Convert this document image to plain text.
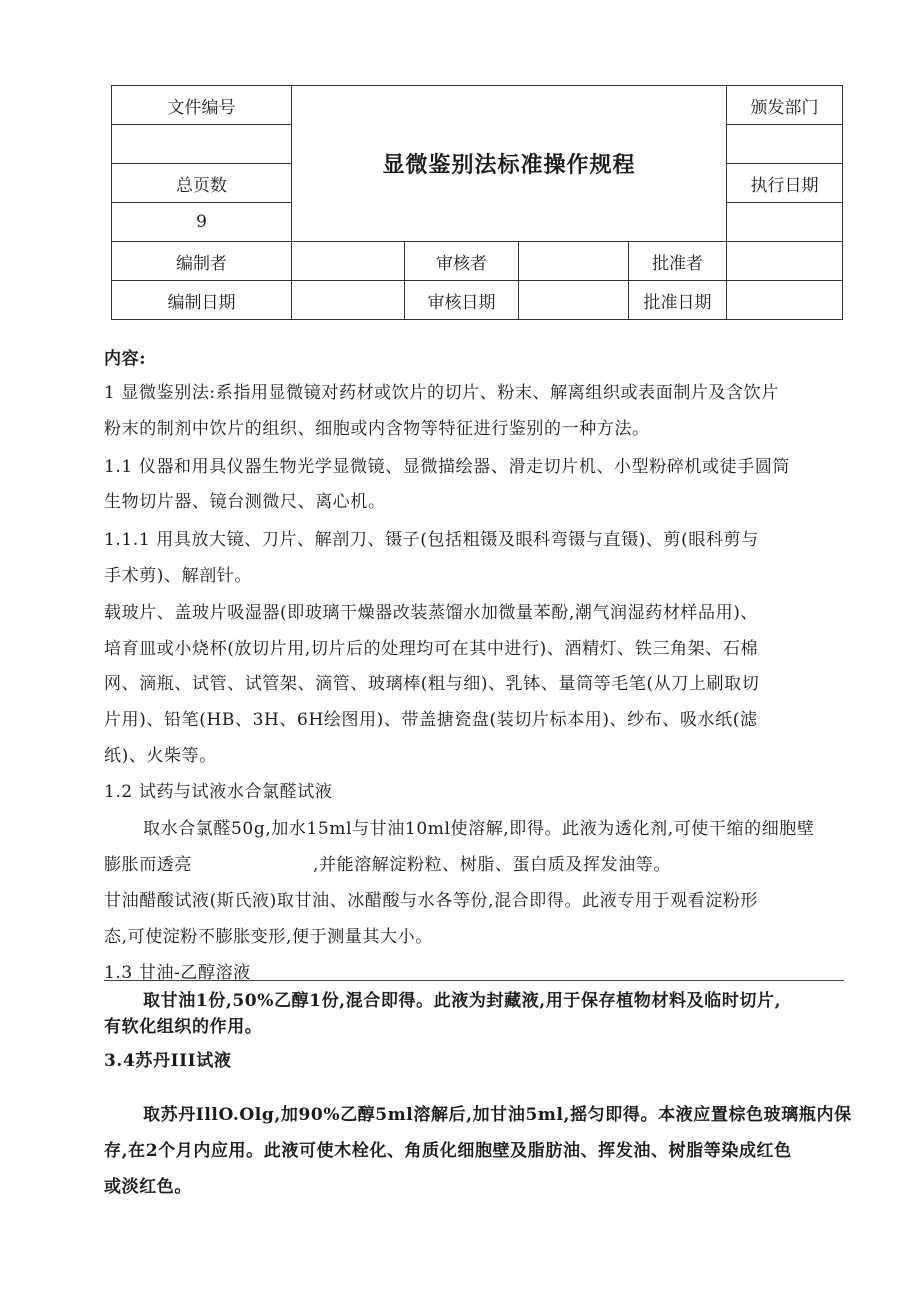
文件编号	显微鉴别法标准操作规程				颁发部门

总页数					执行日期
9					
编制者		审核者		批准者	
编制日期		审核日期		批准日期	
内容:
1 显微鉴别法:系指用显微镜对药材或饮片的切片、粉末、解离组织或表面制片及含饮片
粉末的制剂中饮片的组织、细胞或内含物等特征进行鉴别的一种方法。
1.1 仪器和用具仪器生物光学显微镜、显微描绘器、滑走切片机、小型粉碎机或徒手圆筒
生物切片器、镜台测微尺、离心机。
1.1.1 用具放大镜、刀片、解剖刀、镊子(包括粗镊及眼科弯镊与直镊)、剪(眼科剪与
手术剪)、解剖针。
载玻片、盖玻片吸湿器(即玻璃干燥器改装蒸馏水加微量苯酚,潮气润湿药材样品用)、
培育皿或小烧杯(放切片用,切片后的处理均可在其中进行)、酒精灯、铁三角架、石棉
网、滴瓶、试管、试管架、滴管、玻璃棒(粗与细)、乳钵、量筒等毛笔(从刀上刷取切
片用)、铅笔(HB、3H、6H绘图用)、带盖搪瓷盘(装切片标本用)、纱布、吸水纸(滤
纸)、火柴等。
1.2 试药与试液水合氯醛试液
取水合氯醛50g,加水15ml与甘油10ml使溶解,即得。此液为透化剂,可使干缩的细胞壁
膨胀而透亮	,并能溶解淀粉粒、树脂、蛋白质及挥发油等。
甘油醋酸试液(斯氏液)取甘油、冰醋酸与水各等份,混合即得。此液专用于观看淀粉形
态,可使淀粉不膨胀变形,便于测量其大小。
1.3 甘油-乙醇溶液
取甘油1份,50%乙醇1份,混合即得。此液为封藏液,用于保存植物材料及临时切片,
有软化组织的作用。
3.4苏丹III试液
取苏丹IllO.Olg,加90%乙醇5ml溶解后,加甘油5ml,摇匀即得。本液应置棕色玻璃瓶内保
存,在2个月内应用。此液可使木栓化、角质化细胞壁及脂肪油、挥发油、树脂等染成红色
或淡红色。
